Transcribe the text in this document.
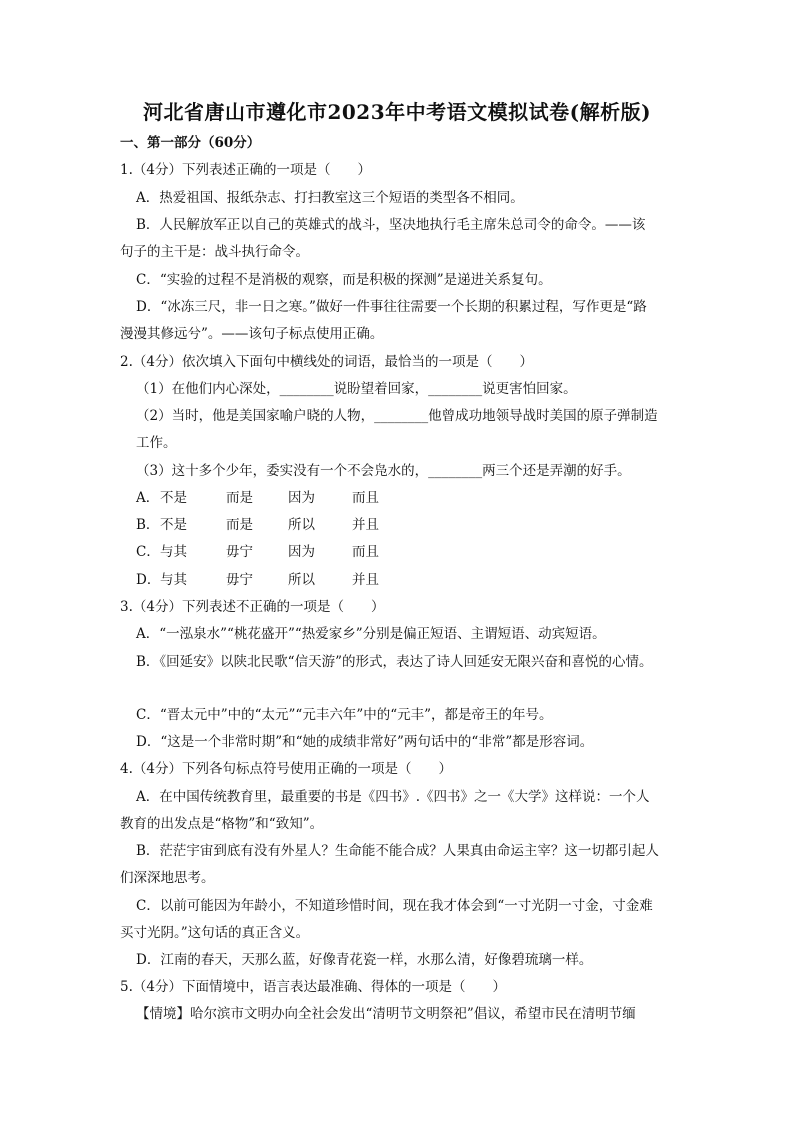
河北省唐山市遵化市2023年中考语文模拟试卷(解析版)
一、第一部分（60分）
1.（4分）下列表述正确的一项是（　　）
A．热爱祖国、报纸杂志、打扫教室这三个短语的类型各不相同。
B．人民解放军正以自己的英雄式的战斗，坚决地执行毛主席朱总司令的命令。——该
句子的主干是：战斗执行命令。
C．“实验的过程不是消极的观察，而是积极的探测”是递进关系复句。
D．“冰冻三尺，非一日之寒。”做好一件事往往需要一个长期的积累过程，写作更是“路
漫漫其修远兮”。——该句子标点使用正确。
2.（4分）依次填入下面句中横线处的词语，最恰当的一项是（　　）
（1）在他们内心深处，________说盼望着回家，________说更害怕回家。
（2）当时，他是美国家喻户晓的人物，________他曾成功地领导战时美国的原子弹制造
工作。
（3）这十多个少年，委实没有一个不会凫水的，________两三个还是弄潮的好手。
A． 不是	而是	因为	而且
B． 不是	而是	所以	并且
C． 与其	毋宁	因为	而且
D． 与其	毋宁	所以	并且
3.（4分）下列表述不正确的一项是（　　）
A．“一泓泉水”“桃花盛开”“热爱家乡”分别是偏正短语、主谓短语、动宾短语。
B．《回延安》以陕北民歌“信天游”的形式，表达了诗人回延安无限兴奋和喜悦的心情。
C．“晋太元中”中的“太元”“元丰六年”中的“元丰”，都是帝王的年号。
D．“这是一个非常时期”和“她的成绩非常好”两句话中的“非常”都是形容词。
4.（4分）下列各句标点符号使用正确的一项是（　　）
A．在中国传统教育里，最重要的书是《四书》.《四书》之一《大学》这样说：一个人
教育的出发点是“格物”和“致知”。
B．茫茫宇宙到底有没有外星人？生命能不能合成？人果真由命运主宰？这一切都引起人
们深深地思考。
C．以前可能因为年龄小，不知道珍惜时间，现在我才体会到“一寸光阴一寸金，寸金难
买寸光阴。”这句话的真正含义。
D．江南的春天，天那么蓝，好像青花瓷一样，水那么清，好像碧琉璃一样。
5.（4分）下面情境中，语言表达最准确、得体的一项是（　　）
【情境】哈尔滨市文明办向全社会发出“清明节文明祭祀”倡议，希望市民在清明节缅
